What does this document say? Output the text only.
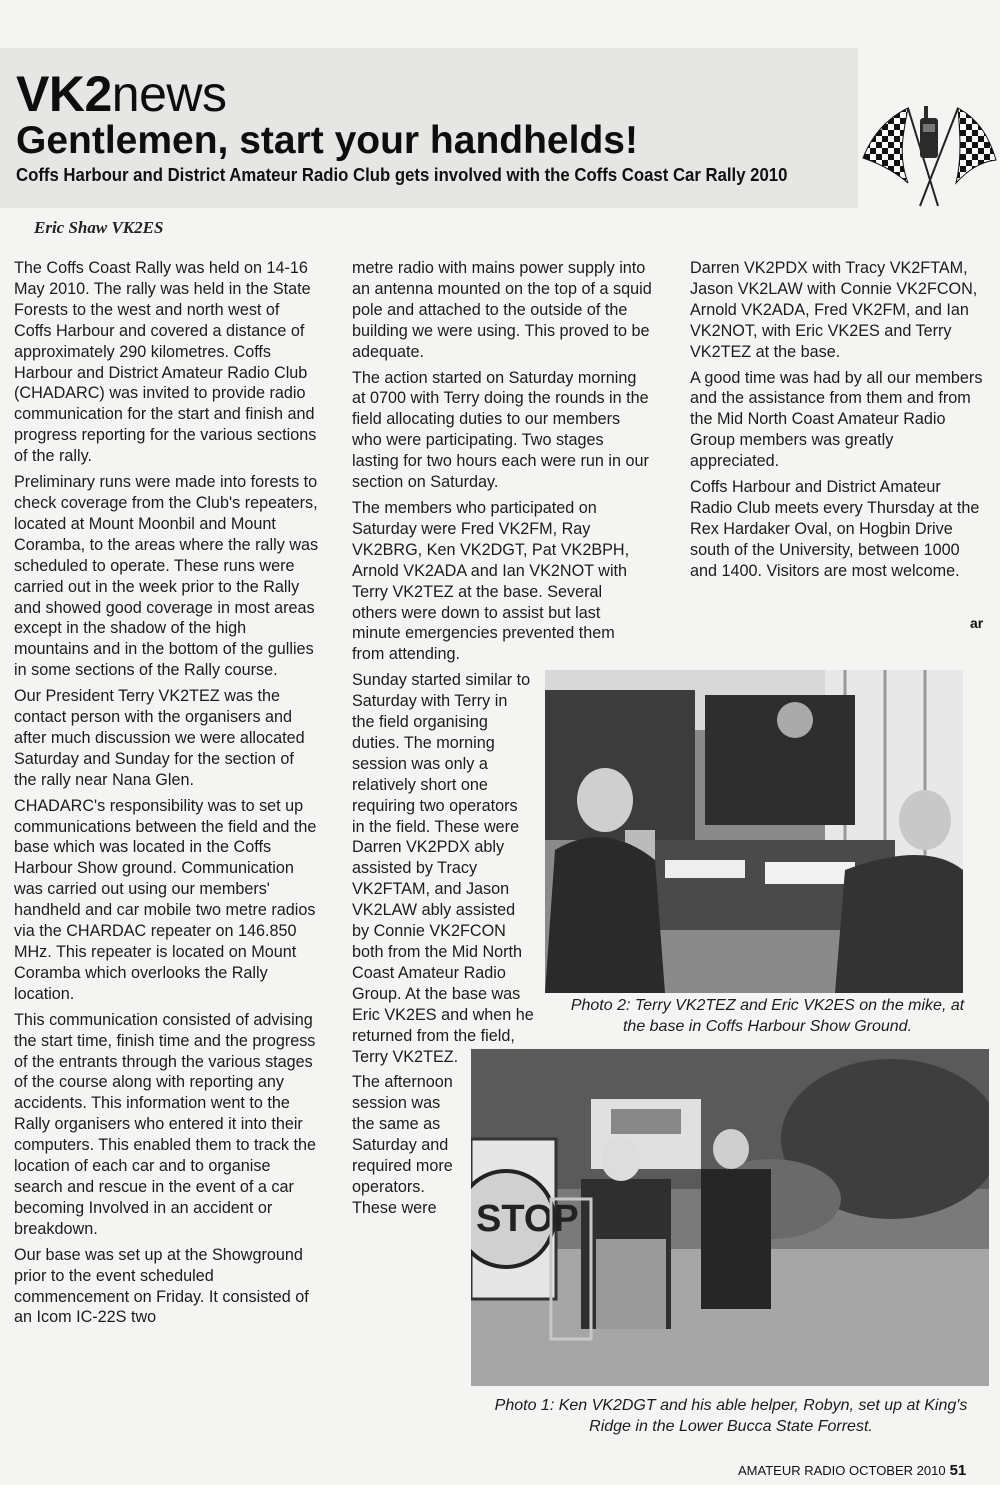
VK2news
Gentlemen, start your handhelds!

Coffs Harbour and District Amateur Radio Club gets involved with the Coffs Coast Car Rally 2010

Eric Shaw VK2ES

The Coffs Coast Rally was held on 14-16 May 2010. The rally was held in the State Forests to the west and north west of Coffs Harbour and covered a distance of approximately 290 kilometres. Coffs Harbour and District Amateur Radio Club (CHADARC) was invited to provide radio communication for the start and finish and progress reporting for the various sections of the rally.

Preliminary runs were made into forests to check coverage from the Club's repeaters, located at Mount Moonbil and Mount Coramba, to the areas where the rally was scheduled to operate. These runs were carried out in the week prior to the Rally and showed good coverage in most areas except in the shadow of the high mountains and in the bottom of the gullies in some sections of the Rally course.

Our President Terry VK2TEZ was the contact person with the organisers and after much discussion we were allocated Saturday and Sunday for the section of the rally near Nana Glen.

CHADARC's responsibility was to set up communications between the field and the base which was located in the Coffs Harbour Show ground. Communication was carried out using our members' handheld and car mobile two metre radios via the CHARDAC repeater on 146.850 MHz. This repeater is located on Mount Coramba which overlooks the Rally location.

This communication consisted of advising the start time, finish time and the progress of the entrants through the various stages of the course along with reporting any accidents. This information went to the Rally organisers who entered it into their computers. This enabled them to track the location of each car and to organise search and rescue in the event of a car becoming Involved in an accident or breakdown.

Our base was set up at the Showground prior to the event scheduled commencement on Friday. It consisted of an Icom IC-22S two

metre radio with mains power supply into an antenna mounted on the top of a squid pole and attached to the outside of the building we were using. This proved to be adequate.

The action started on Saturday morning at 0700 with Terry doing the rounds in the field allocating duties to our members who were participating. Two stages lasting for two hours each were run in our section on Saturday.

The members who participated on Saturday were Fred VK2FM, Ray VK2BRG, Ken VK2DGT, Pat VK2BPH, Arnold VK2ADA and Ian VK2NOT with Terry VK2TEZ at the base. Several others were down to assist but last minute emergencies prevented them from attending.

Sunday started similar to Saturday with Terry in the field organising duties. The morning session was only a relatively short one requiring two operators in the field. These were Darren VK2PDX ably assisted by Tracy VK2FTAM, and Jason VK2LAW ably assisted by Connie VK2FCON both from the Mid North Coast Amateur Radio Group. At the base was Eric VK2ES and when he returned from the field, Terry VK2TEZ.

The afternoon session was the same as Saturday and required more operators. These were

Darren VK2PDX with Tracy VK2FTAM, Jason VK2LAW with Connie VK2FCON, Arnold VK2ADA, Fred VK2FM, and Ian VK2NOT, with Eric VK2ES and Terry VK2TEZ at the base.

A good time was had by all our members and the assistance from them and from the Mid North Coast Amateur Radio Group members was greatly appreciated.

Coffs Harbour and District Amateur Radio Club meets every Thursday at the Rex Hardaker Oval, on Hogbin Drive south of the University, between 1000 and 1400. Visitors are most welcome.

ar

Photo 2: Terry VK2TEZ and Eric VK2ES on the mike, at
the base in Coffs Harbour Show Ground.

STOP

Photo 1: Ken VK2DGT and his able helper, Robyn, set up at King's
Ridge in the Lower Bucca State Forrest.

AMATEUR RADIO OCTOBER 2010 51
